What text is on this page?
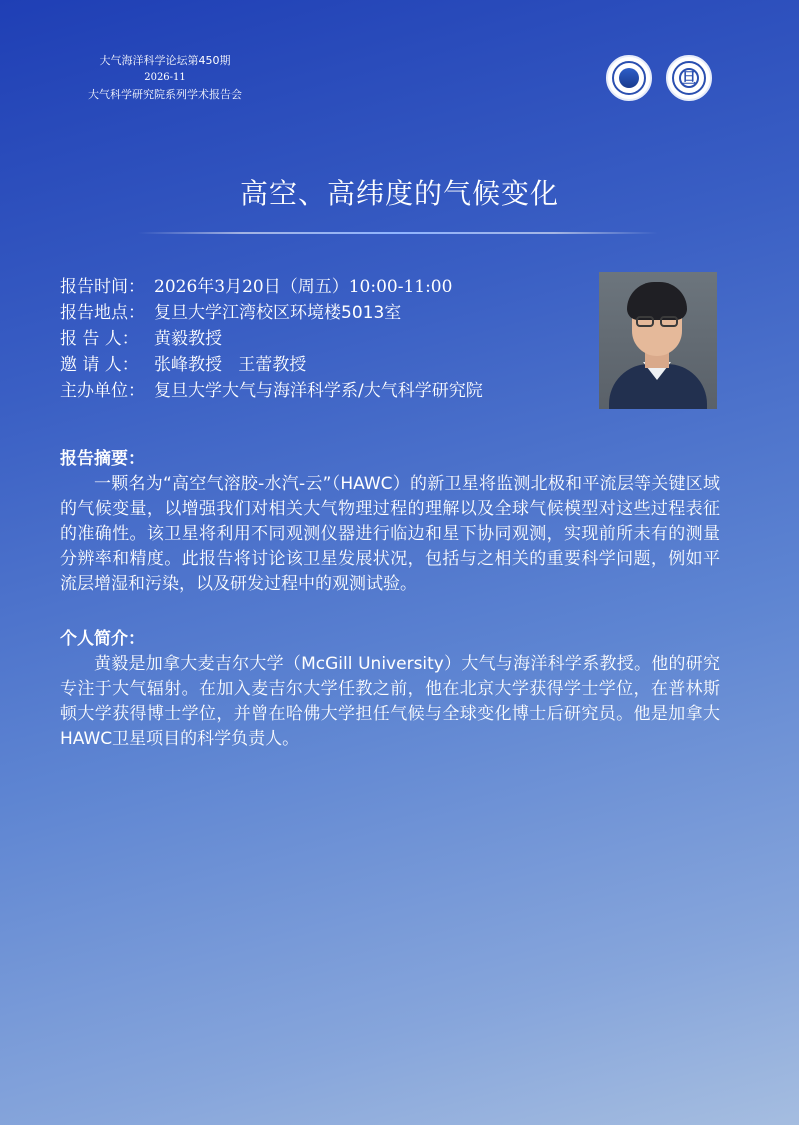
大气海洋科学论坛第450期
2026-11
大气科学研究院系列学术报告会
旦
高空、高纬度的气候变化
报告时间： 2026年3月20日（周五）10:00-11:00
报告地点： 复旦大学江湾校区环境楼5013室
报 告 人： 黄毅教授
邀 请 人： 张峰教授   王蕾教授
主办单位： 复旦大学大气与海洋科学系/大气科学研究院
报告摘要：
一颗名为“高空气溶胶-水汽-云”（HAWC）的新卫星将监测北极和平流层等关键区域的气候变量，以增强我们对相关大气物理过程的理解以及全球气候模型对这些过程表征的准确性。该卫星将利用不同观测仪器进行临边和星下协同观测，实现前所未有的测量分辨率和精度。此报告将讨论该卫星发展状况，包括与之相关的重要科学问题，例如平流层增湿和污染，以及研发过程中的观测试验。
个人简介：
黄毅是加拿大麦吉尔大学（McGill University）大气与海洋科学系教授。他的研究专注于大气辐射。在加入麦吉尔大学任教之前，他在北京大学获得学士学位，在普林斯顿大学获得博士学位，并曾在哈佛大学担任气候与全球变化博士后研究员。他是加拿大HAWC卫星项目的科学负责人。
